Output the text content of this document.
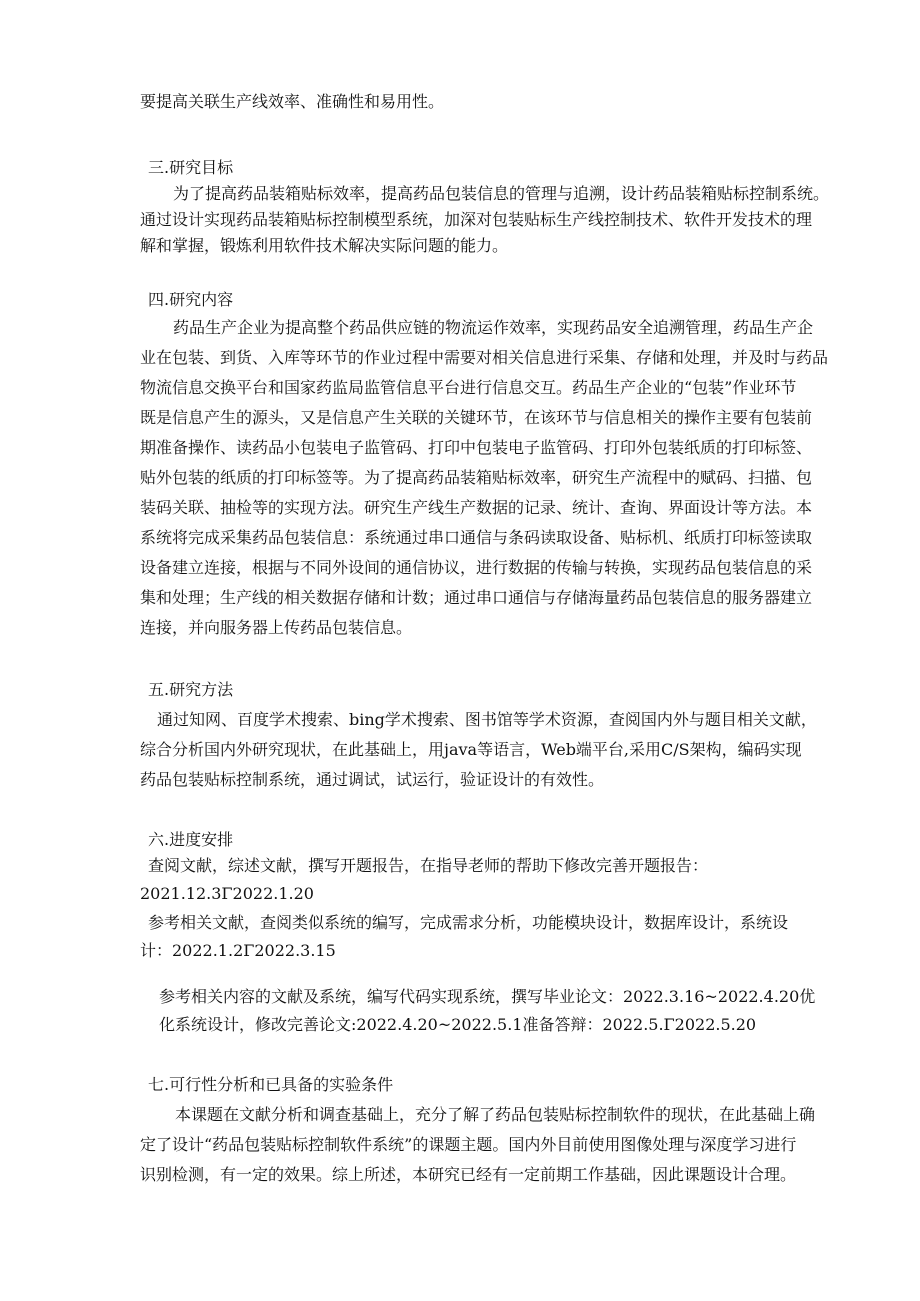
要提高关联生产线效率、准确性和易用性。

三.研究目标

为了提高药品装箱贴标效率，提高药品包装信息的管理与追溯，设计药品装箱贴标控制系统。

通过设计实现药品装箱贴标控制模型系统，加深对包装贴标生产线控制技术、软件开发技术的理

解和掌握，锻炼利用软件技术解决实际问题的能力。

四.研究内容

药品生产企业为提高整个药品供应链的物流运作效率，实现药品安全追溯管理，药品生产企

业在包装、到货、入库等环节的作业过程中需要对相关信息进行采集、存储和处理，并及时与药品

物流信息交换平台和国家药监局监管信息平台进行信息交互。药品生产企业的“包装”作业环节

既是信息产生的源头，又是信息产生关联的关键环节，在该环节与信息相关的操作主要有包装前

期准备操作、读药品小包装电子监管码、打印中包装电子监管码、打印外包装纸质的打印标签、

贴外包装的纸质的打印标签等。为了提高药品装箱贴标效率，研究生产流程中的赋码、扫描、包

装码关联、抽检等的实现方法。研究生产线生产数据的记录、统计、查询、界面设计等方法。本

系统将完成采集药品包装信息：系统通过串口通信与条码读取设备、贴标机、纸质打印标签读取

设备建立连接，根据与不同外设间的通信协议，进行数据的传输与转换，实现药品包装信息的采

集和处理；生产线的相关数据存储和计数；通过串口通信与存储海量药品包装信息的服务器建立

连接，并向服务器上传药品包装信息。

五.研究方法

通过知网、百度学术搜索、bing学术搜索、图书馆等学术资源，查阅国内外与题目相关文献，

综合分析国内外研究现状，在此基础上，用java等语言，Web端平台,采用C/S架构，编码实现

药品包装贴标控制系统，通过调试，试运行，验证设计的有效性。

六.进度安排

查阅文献，综述文献，撰写开题报告，在指导老师的帮助下修改完善开题报告：

2021.12.3Γ2022.1.20

参考相关文献，查阅类似系统的编写，完成需求分析，功能模块设计，数据库设计，系统设

计：2022.1.2Γ2022.3.15

参考相关内容的文献及系统，编写代码实现系统，撰写毕业论文：2022.3.16~2022.4.20优

化系统设计，修改完善论文:2022.4.20~2022.5.1准备答辩：2022.5.Γ2022.5.20

七.可行性分析和已具备的实验条件

本课题在文献分析和调查基础上，充分了解了药品包装贴标控制软件的现状，在此基础上确

定了设计“药品包装贴标控制软件系统”的课题主题。国内外目前使用图像处理与深度学习进行

识别检测，有一定的效果。综上所述，本研究已经有一定前期工作基础，因此课题设计合理。
